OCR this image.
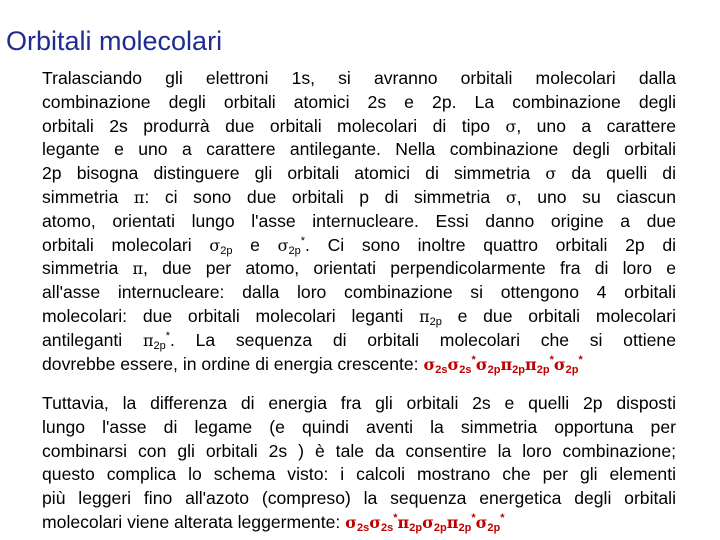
Orbitali molecolari
Tralasciando gli elettroni 1s, si avranno orbitali molecolari dalla
combinazione degli orbitali atomici 2s e 2p. La combinazione degli
orbitali 2s produrrà due orbitali molecolari di tipo σ, uno a carattere
legante e uno a carattere antilegante. Nella combinazione degli orbitali
2p bisogna distinguere gli orbitali atomici di simmetria σ da quelli di
simmetria π: ci sono due orbitali p di simmetria σ, uno su ciascun
atomo, orientati lungo l'asse internucleare. Essi danno origine a due
orbitali molecolari $\sigma_{2p}$ e $\sigma_{2p}^*$. Ci sono inoltre quattro orbitali 2p di
simmetria π, due per atomo, orientati perpendicolarmente fra di loro e
all'asse internucleare: dalla loro combinazione si ottengono 4 orbitali
molecolari: due orbitali molecolari leganti $\pi_{2p}$ e due orbitali molecolari
antileganti $\pi_{2p}^*$. La sequenza di orbitali molecolari che si ottiene
dovrebbe essere, in ordine di energia crescente: $\sigma_{2s}\sigma_{2s}^*\sigma_{2p}\pi_{2p}\pi_{2p}^*\sigma_{2p}^*$
Tuttavia, la differenza di energia fra gli orbitali 2s e quelli 2p disposti
lungo l'asse di legame (e quindi aventi la simmetria opportuna per
combinarsi con gli orbitali 2s ) è tale da consentire la loro combinazione;
questo complica lo schema visto: i calcoli mostrano che per gli elementi
più leggeri fino all'azoto (compreso) la sequenza energetica degli orbitali
molecolari viene alterata leggermente: $\sigma_{2s}\sigma_{2s}^*\pi_{2p}\sigma_{2p}\pi_{2p}^*\sigma_{2p}^*$
